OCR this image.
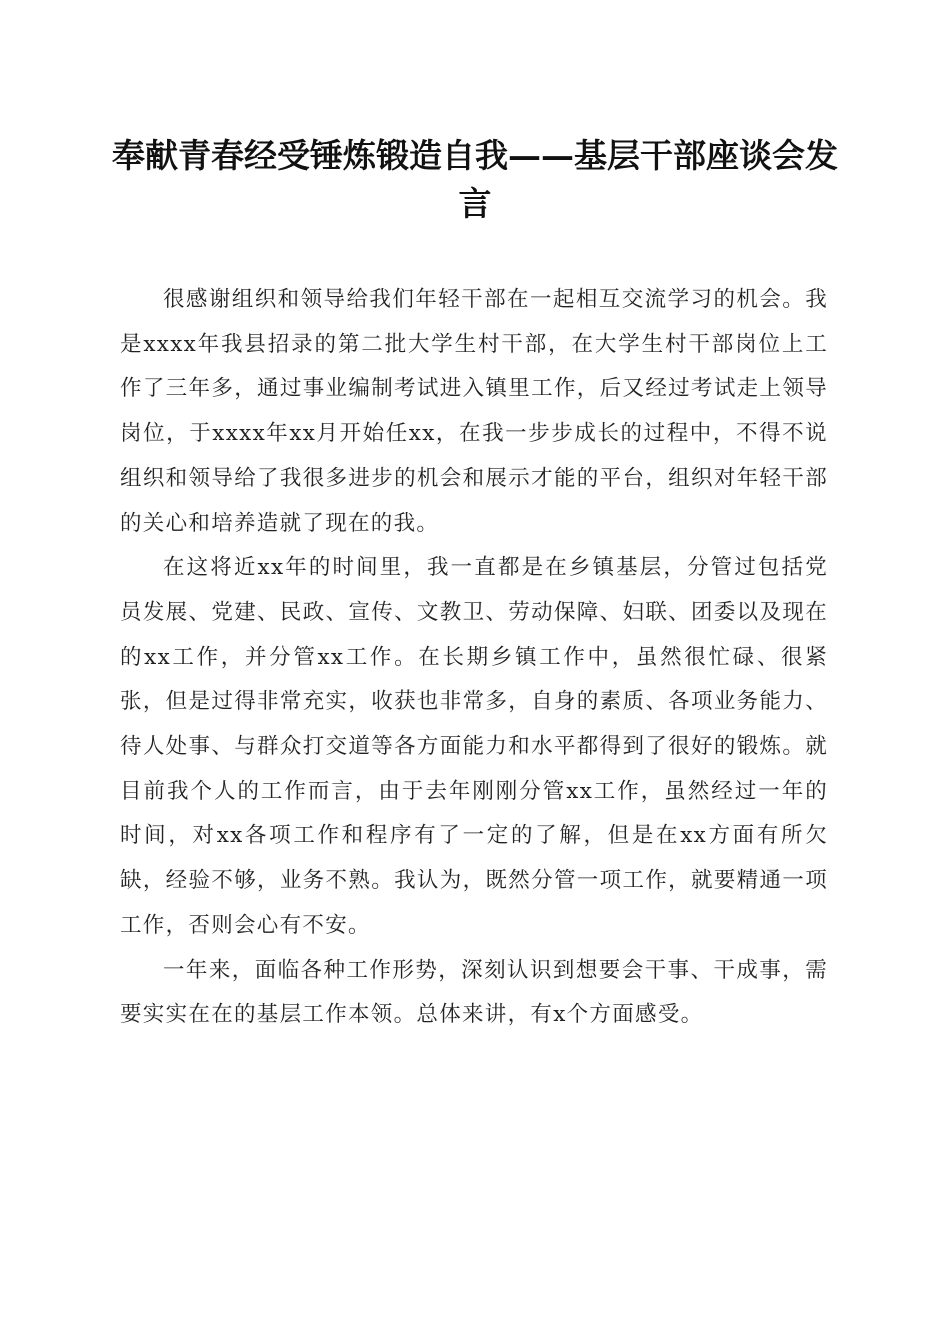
奉献青春经受锤炼锻造自我——基层干部座谈会发言

很感谢组织和领导给我们年轻干部在一起相互交流学习的机会。我是xxxx年我县招录的第二批大学生村干部，在大学生村干部岗位上工作了三年多，通过事业编制考试进入镇里工作，后又经过考试走上领导岗位，于xxxx年xx月开始任xx，在我一步步成长的过程中，不得不说组织和领导给了我很多进步的机会和展示才能的平台，组织对年轻干部的关心和培养造就了现在的我。

在这将近xx年的时间里，我一直都是在乡镇基层，分管过包括党员发展、党建、民政、宣传、文教卫、劳动保障、妇联、团委以及现在的xx工作，并分管xx工作。在长期乡镇工作中，虽然很忙碌、很紧张，但是过得非常充实，收获也非常多，自身的素质、各项业务能力、待人处事、与群众打交道等各方面能力和水平都得到了很好的锻炼。就目前我个人的工作而言，由于去年刚刚分管xx工作，虽然经过一年的时间，对xx各项工作和程序有了一定的了解，但是在xx方面有所欠缺，经验不够，业务不熟。我认为，既然分管一项工作，就要精通一项工作，否则会心有不安。

一年来，面临各种工作形势，深刻认识到想要会干事、干成事，需要实实在在的基层工作本领。总体来讲，有x个方面感受。
